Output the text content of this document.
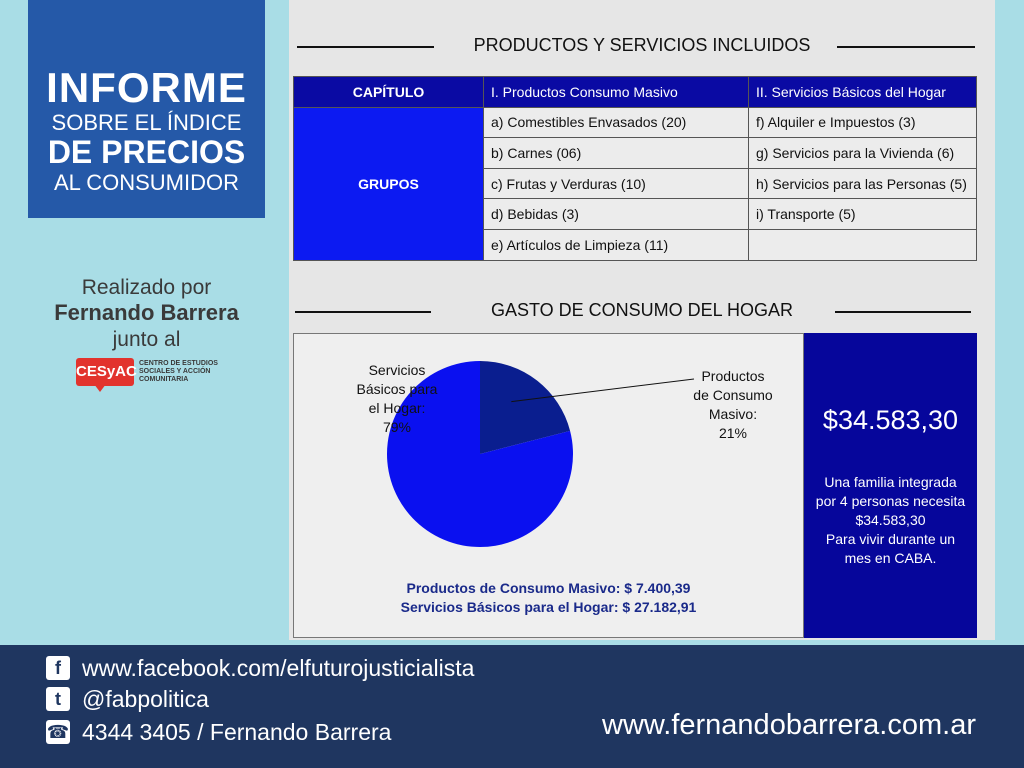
INFORME
SOBRE EL ÍNDICE
DE PRECIOS
AL CONSUMIDOR
Realizado por
Fernando Barrera
junto al
CESyAC CENTRO DE ESTUDIOS SOCIALES Y ACCIÓN COMUNITARIA
PRODUCTOS Y SERVICIOS INCLUIDOS
CAPÍTULO	I. Productos Consumo Masivo	II. Servicios Básicos del Hogar
GRUPOS	a) Comestibles Envasados (20)	f) Alquiler e Impuestos (3)
	b) Carnes (06)	g) Servicios para la Vivienda (6)
	c) Frutas y Verduras (10)	h) Servicios para las Personas (5)
	d) Bebidas (3)	i) Transporte (5)
	e) Artículos de Limpieza (11)	
GASTO DE CONSUMO DEL HOGAR
Servicios
Básicos para
el Hogar:
79%
Productos
de Consumo
Masivo:
21%
Productos de Consumo Masivo: $ 7.400,39
Servicios Básicos para el Hogar: $ 27.182,91
$34.583,30
Una familia integrada
por 4 personas necesita
$34.583,30
Para vivir durante un
mes en CABA.
f www.facebook.com/elfuturojusticialista
t @fabpolitica
☎ 4344 3405 / Fernando Barrera	www.fernandobarrera.com.ar
